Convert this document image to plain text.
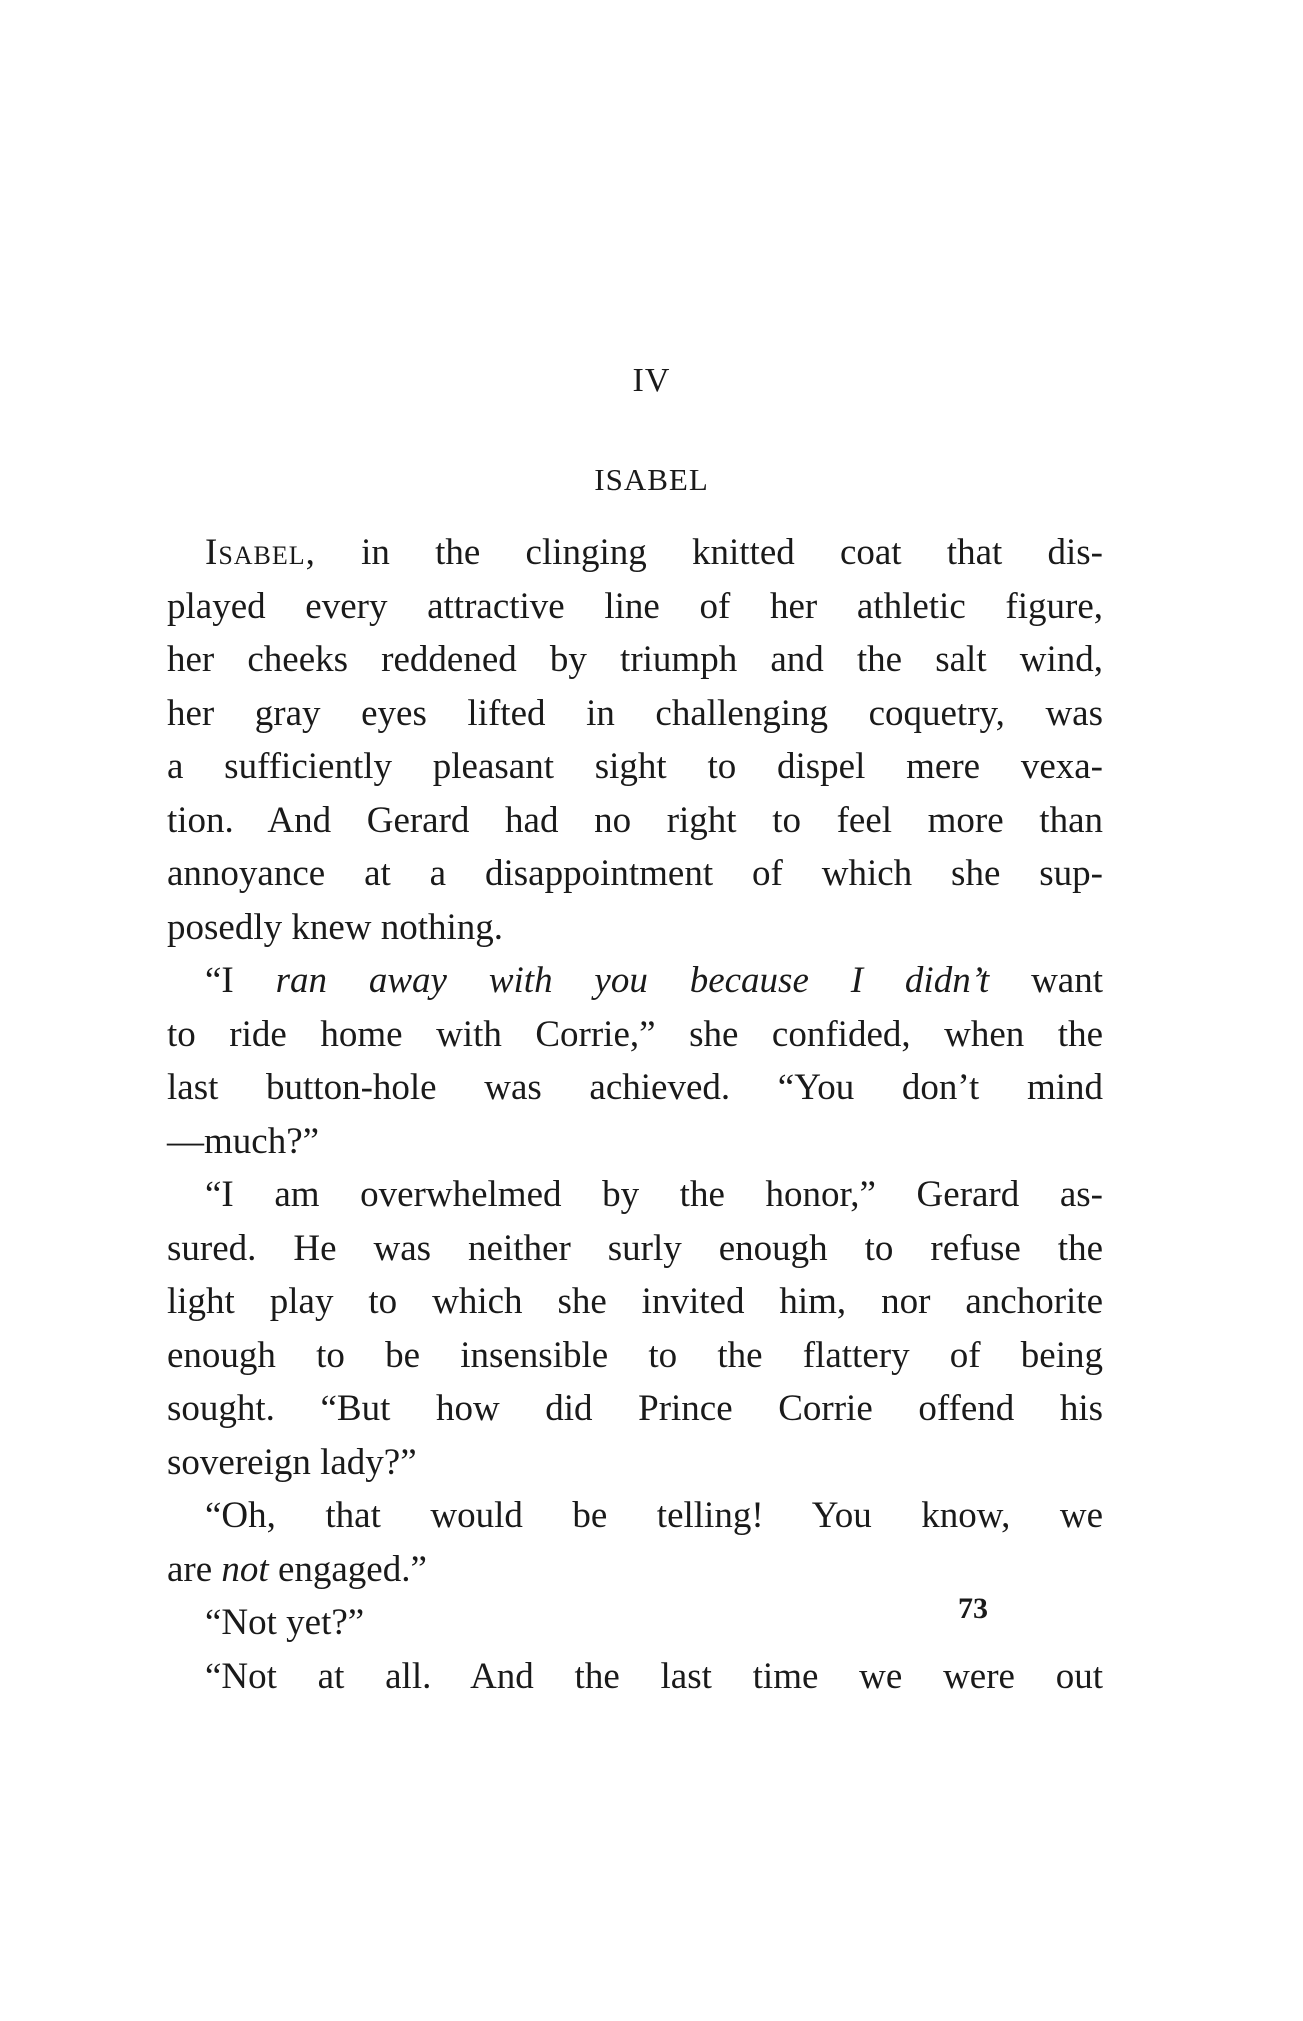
IV
ISABEL
Isabel, in the clinging knitted coat that dis-
played every attractive line of her athletic figure,
her cheeks reddened by triumph and the salt wind,
her gray eyes lifted in challenging coquetry, was
a sufficiently pleasant sight to dispel mere vexa-
tion. And Gerard had no right to feel more than
annoyance at a disappointment of which she sup-
posedly knew nothing.
“I ran away with you because I didn’t want
to ride home with Corrie,” she confided, when the
last button-hole was achieved. “You don’t mind
—much?”
“I am overwhelmed by the honor,” Gerard as-
sured. He was neither surly enough to refuse the
light play to which she invited him, nor anchorite
enough to be insensible to the flattery of being
sought. “But how did Prince Corrie offend his
sovereign lady?”
“Oh, that would be telling! You know, we
are not engaged.”
“Not yet?”
“Not at all. And the last time we were out
73
